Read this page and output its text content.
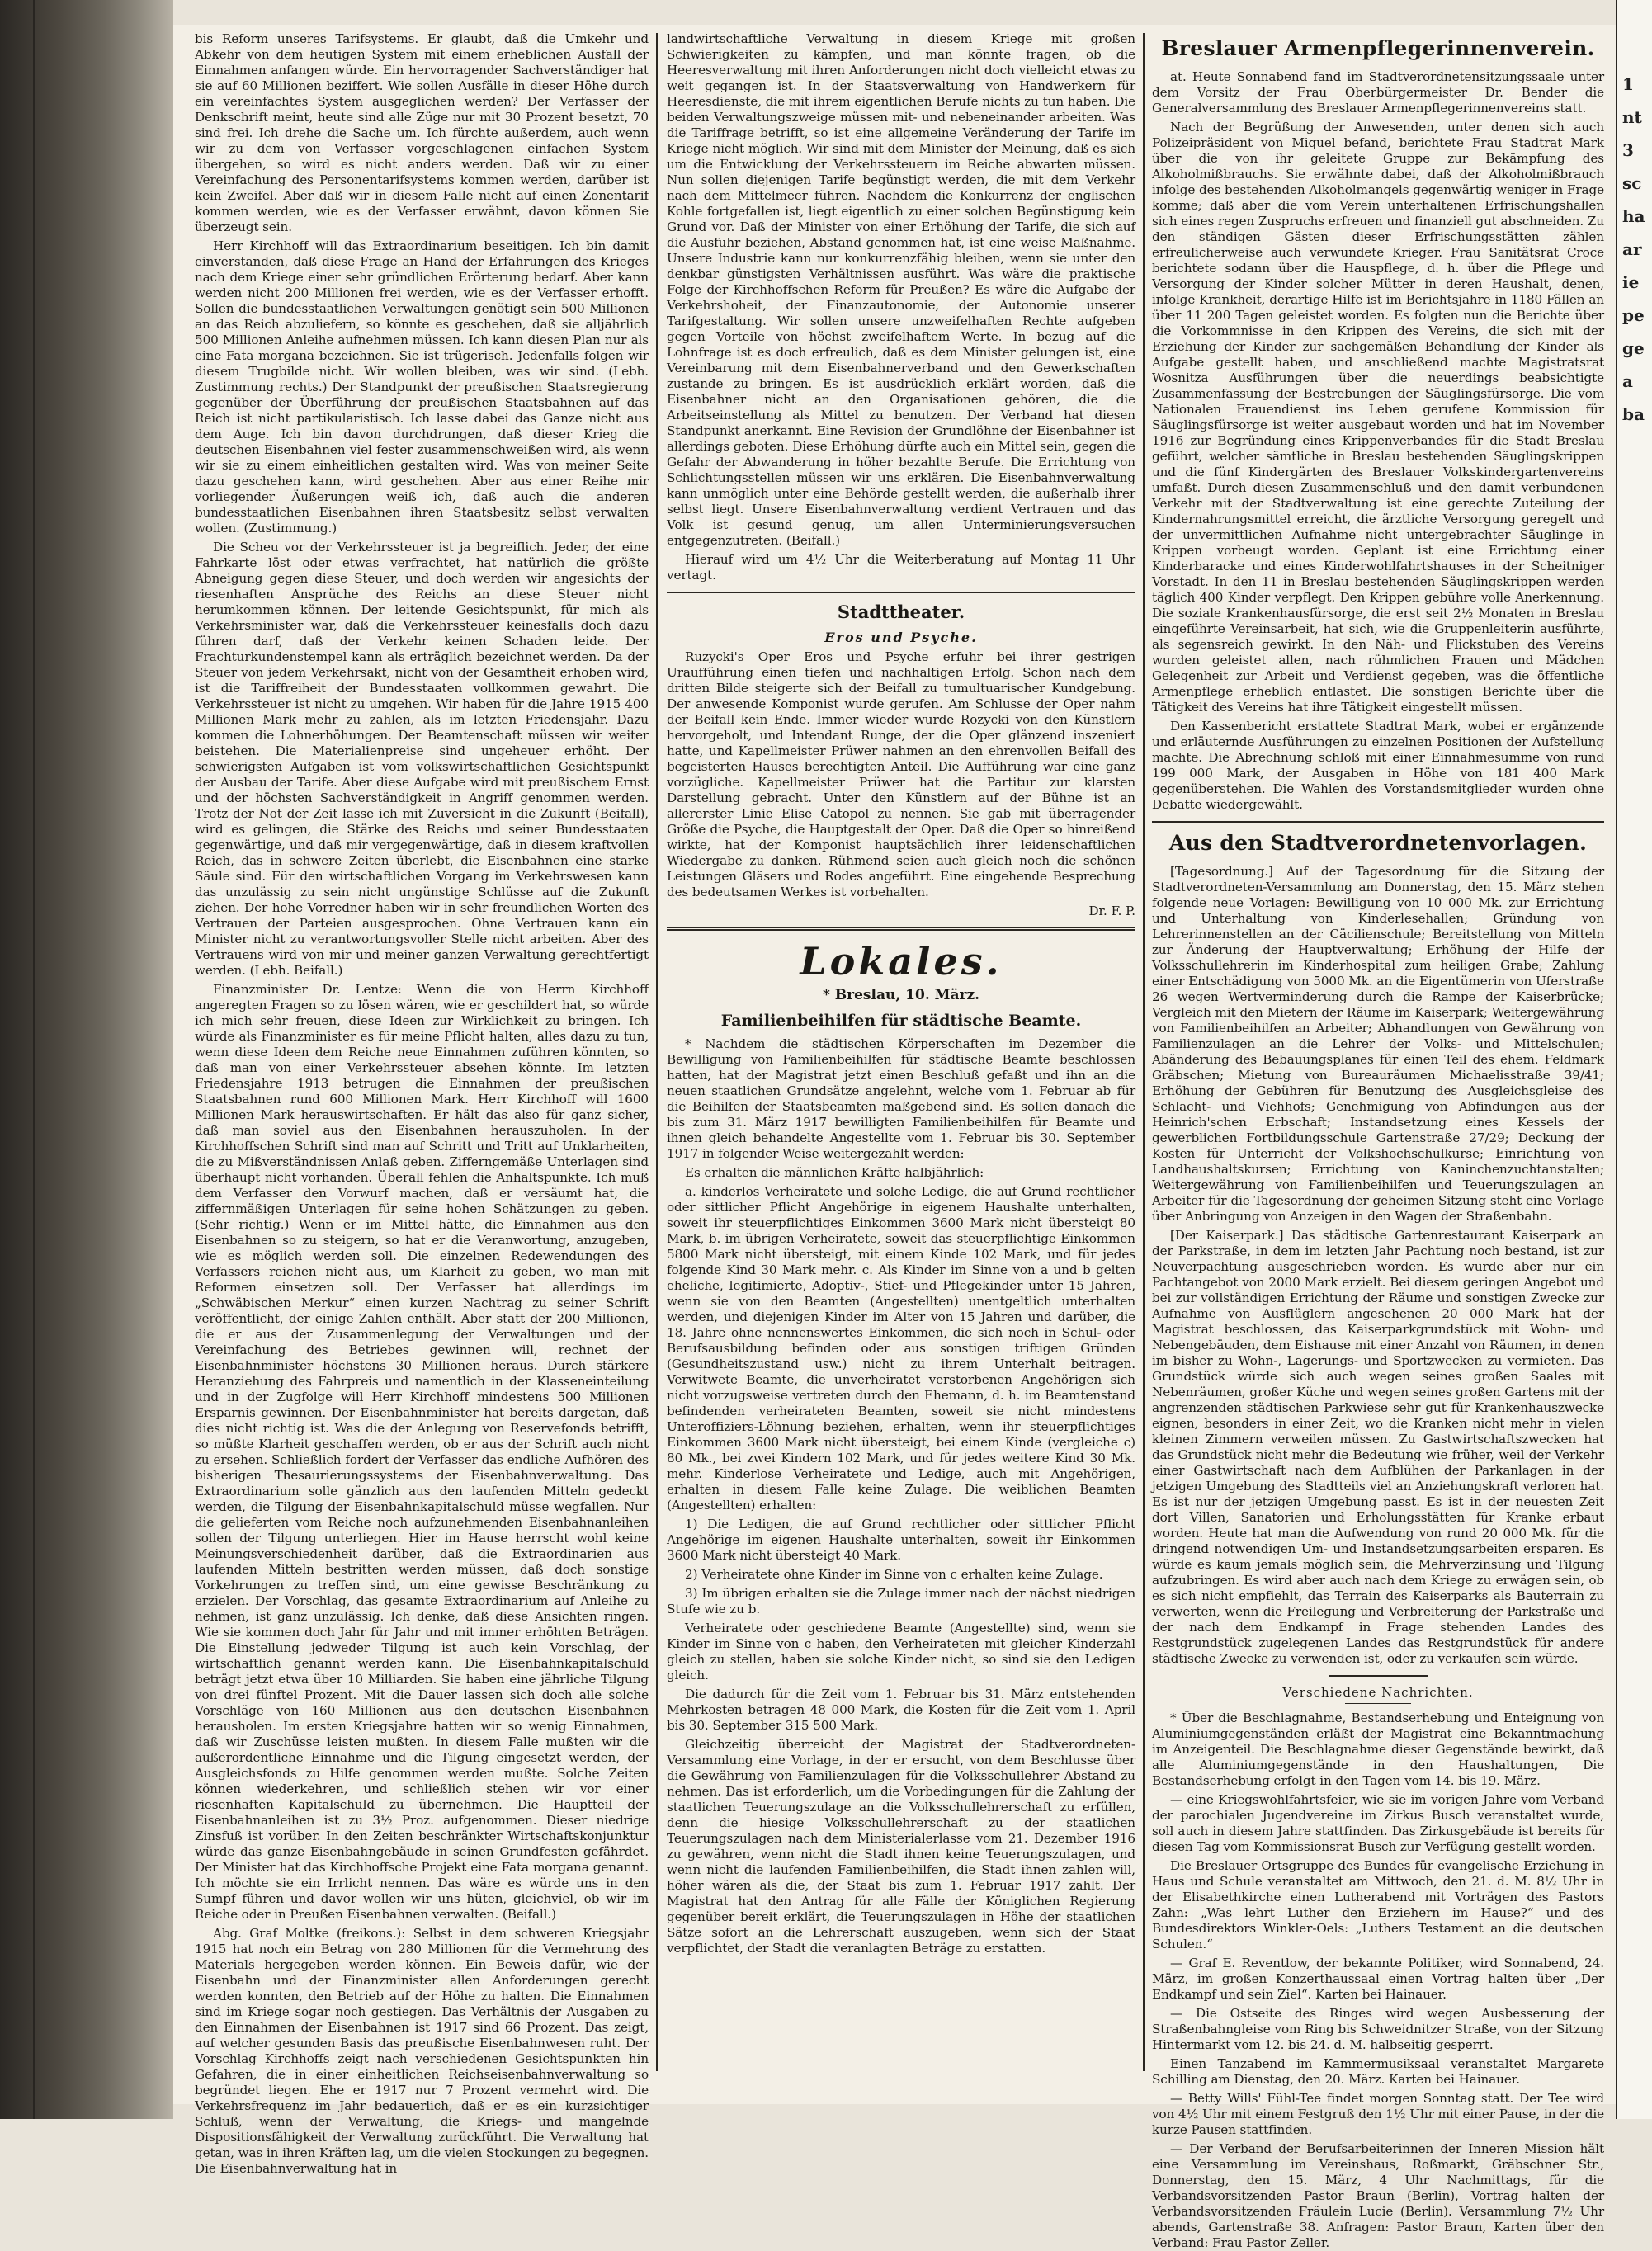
1
nt
3
sc
ha
ar
ie
pe
ge
a
ba

bis Reform unseres Tarifsystems. Er glaubt, daß die Umkehr und Abkehr von dem heutigen System mit einem erheblichen Ausfall der Einnahmen anfangen würde. Ein hervorragender Sachverständiger hat sie auf 60 Millionen beziffert. Wie sollen Ausfälle in dieser Höhe durch ein vereinfachtes System ausgeglichen werden? Der Verfasser der Denkschrift meint, heute sind alle Züge nur mit 30 Prozent besetzt, 70 sind frei. Ich drehe die Sache um. Ich fürchte außerdem, auch wenn wir zu dem von Verfasser vorgeschlagenen einfachen System übergehen, so wird es nicht anders werden. Daß wir zu einer Vereinfachung des Personentarifsystems kommen werden, darüber ist kein Zweifel. Aber daß wir in diesem Falle nicht auf einen Zonentarif kommen werden, wie es der Verfasser erwähnt, davon können Sie überzeugt sein.

Herr Kirchhoff will das Extraordinarium beseitigen. Ich bin damit einverstanden, daß diese Frage an Hand der Erfahrungen des Krieges nach dem Kriege einer sehr gründlichen Erörterung bedarf. Aber kann werden nicht 200 Millionen frei werden, wie es der Verfasser erhofft. Sollen die bundesstaatlichen Verwaltungen genötigt sein 500 Millionen an das Reich abzuliefern, so könnte es geschehen, daß sie alljährlich 500 Millionen Anleihe aufnehmen müssen. Ich kann diesen Plan nur als eine Fata morgana bezeichnen. Sie ist trügerisch. Jedenfalls folgen wir diesem Trugbilde nicht. Wir wollen bleiben, was wir sind. (Lebh. Zustimmung rechts.) Der Standpunkt der preußischen Staatsregierung gegenüber der Überführung der preußischen Staatsbahnen auf das Reich ist nicht partikularistisch. Ich lasse dabei das Ganze nicht aus dem Auge. Ich bin davon durchdrungen, daß dieser Krieg die deutschen Eisenbahnen viel fester zusammenschweißen wird, als wenn wir sie zu einem einheitlichen gestalten wird. Was von meiner Seite dazu geschehen kann, wird geschehen. Aber aus einer Reihe mir vorliegender Äußerungen weiß ich, daß auch die anderen bundesstaatlichen Eisenbahnen ihren Staatsbesitz selbst verwalten wollen. (Zustimmung.)

Die Scheu vor der Verkehrssteuer ist ja begreiflich. Jeder, der eine Fahrkarte löst oder etwas verfrachtet, hat natürlich die größte Abneigung gegen diese Steuer, und doch werden wir angesichts der riesenhaften Ansprüche des Reichs an diese Steuer nicht herumkommen können. Der leitende Gesichtspunkt, für mich als Verkehrsminister war, daß die Verkehrssteuer keinesfalls doch dazu führen darf, daß der Verkehr keinen Schaden leide. Der Frachturkundenstempel kann als erträglich bezeichnet werden. Da der Steuer von jedem Verkehrsakt, nicht von der Gesamtheit erhoben wird, ist die Tariffreiheit der Bundesstaaten vollkommen gewahrt. Die Verkehrssteuer ist nicht zu umgehen. Wir haben für die Jahre 1915 400 Millionen Mark mehr zu zahlen, als im letzten Friedensjahr. Dazu kommen die Lohnerhöhungen. Der Beamtenschaft müssen wir weiter beistehen. Die Materialienpreise sind ungeheuer erhöht. Der schwierigsten Aufgaben ist vom volkswirtschaftlichen Gesichtspunkt der Ausbau der Tarife. Aber diese Aufgabe wird mit preußischem Ernst und der höchsten Sachverständigkeit in Angriff genommen werden. Trotz der Not der Zeit lasse ich mit Zuversicht in die Zukunft (Beifall), wird es gelingen, die Stärke des Reichs und seiner Bundesstaaten gegenwärtige, und daß mir vergegenwärtige, daß in diesem kraftvollen Reich, das in schwere Zeiten überlebt, die Eisenbahnen eine starke Säule sind. Für den wirtschaftlichen Vorgang im Verkehrswesen kann das unzulässig zu sein nicht ungünstige Schlüsse auf die Zukunft ziehen. Der hohe Vorredner haben wir in sehr freundlichen Worten des Vertrauen der Parteien ausgesprochen. Ohne Vertrauen kann ein Minister nicht zu verantwortungsvoller Stelle nicht arbeiten. Aber des Vertrauens wird von mir und meiner ganzen Verwaltung gerechtfertigt werden. (Lebh. Beifall.)

Finanzminister Dr. Lentze: Wenn die von Herrn Kirchhoff angeregten Fragen so zu lösen wären, wie er geschildert hat, so würde ich mich sehr freuen, diese Ideen zur Wirklichkeit zu bringen. Ich würde als Finanzminister es für meine Pflicht halten, alles dazu zu tun, wenn diese Ideen dem Reiche neue Einnahmen zuführen könnten, so daß man von einer Verkehrssteuer absehen könnte. Im letzten Friedensjahre 1913 betrugen die Einnahmen der preußischen Staatsbahnen rund 600 Millionen Mark. Herr Kirchhoff will 1600 Millionen Mark herauswirtschaften. Er hält das also für ganz sicher, daß man soviel aus den Eisenbahnen herauszuholen. In der Kirchhoffschen Schrift sind man auf Schritt und Tritt auf Unklarheiten, die zu Mißverständnissen Anlaß geben. Zifferngemäße Unterlagen sind überhaupt nicht vorhanden. Überall fehlen die Anhaltspunkte. Ich muß dem Verfasser den Vorwurf machen, daß er versäumt hat, die ziffernmäßigen Unterlagen für seine hohen Schätzungen zu geben. (Sehr richtig.) Wenn er im Mittel hätte, die Einnahmen aus den Eisenbahnen so zu steigern, so hat er die Veranwortung, anzugeben, wie es möglich werden soll. Die einzelnen Redewendungen des Verfassers reichen nicht aus, um Klarheit zu geben, wo man mit Reformen einsetzen soll. Der Verfasser hat allerdings im „Schwäbischen Merkur“ einen kurzen Nachtrag zu seiner Schrift veröffentlicht, der einige Zahlen enthält. Aber statt der 200 Millionen, die er aus der Zusammenlegung der Verwaltungen und der Vereinfachung des Betriebes gewinnen will, rechnet der Eisenbahnminister höchstens 30 Millionen heraus. Durch stärkere Heranziehung des Fahrpreis und namentlich in der Klasseneinteilung und in der Zugfolge will Herr Kirchhoff mindestens 500 Millionen Ersparnis gewinnen. Der Eisenbahnminister hat bereits dargetan, daß dies nicht richtig ist. Was die der Anlegung von Reservefonds betrifft, so müßte Klarheit geschaffen werden, ob er aus der Schrift auch nicht zu ersehen. Schließlich fordert der Verfasser das endliche Aufhören des bisherigen Thesaurierungssystems der Eisenbahnverwaltung. Das Extraordinarium solle gänzlich aus den laufenden Mitteln gedeckt werden, die Tilgung der Eisenbahnkapitalschuld müsse wegfallen. Nur die gelieferten vom Reiche noch aufzunehmenden Eisenbahnanleihen sollen der Tilgung unterliegen. Hier im Hause herrscht wohl keine Meinungsverschiedenheit darüber, daß die Extraordinarien aus laufenden Mitteln bestritten werden müssen, daß doch sonstige Vorkehrungen zu treffen sind, um eine gewisse Beschränkung zu erzielen. Der Vorschlag, das gesamte Extraordinarium auf Anleihe zu nehmen, ist ganz unzulässig. Ich denke, daß diese Ansichten ringen. Wie sie kommen doch Jahr für Jahr und mit immer erhöhten Beträgen. Die Einstellung jedweder Tilgung ist auch kein Vorschlag, der wirtschaftlich genannt werden kann. Die Eisenbahnkapitalschuld beträgt jetzt etwa über 10 Milliarden. Sie haben eine jährliche Tilgung von drei fünftel Prozent. Mit die Dauer lassen sich doch alle solche Vorschläge von 160 Millionen aus den deutschen Eisenbahnen herausholen. Im ersten Kriegsjahre hatten wir so wenig Einnahmen, daß wir Zuschüsse leisten mußten. In diesem Falle mußten wir die außerordentliche Einnahme und die Tilgung eingesetzt werden, der Ausgleichsfonds zu Hilfe genommen werden mußte. Solche Zeiten können wiederkehren, und schließlich stehen wir vor einer riesenhaften Kapitalschuld zu übernehmen. Die Hauptteil der Eisenbahnanleihen ist zu 3½ Proz. aufgenommen. Dieser niedrige Zinsfuß ist vorüber. In den Zeiten beschränkter Wirtschaftskonjunktur würde das ganze Eisenbahngebäude in seinen Grundfesten gefährdet. Der Minister hat das Kirchhoffsche Projekt eine Fata morgana genannt. Ich möchte sie ein Irrlicht nennen. Das wäre es würde uns in den Sumpf führen und davor wollen wir uns hüten, gleichviel, ob wir im Reiche oder in Preußen Eisenbahnen verwalten. (Beifall.)

Abg. Graf Moltke (freikons.): Selbst in dem schweren Kriegsjahr 1915 hat noch ein Betrag von 280 Millionen für die Vermehrung des Materials hergegeben werden können. Ein Beweis dafür, wie der Eisenbahn und der Finanzminister allen Anforderungen gerecht werden konnten, den Betrieb auf der Höhe zu halten. Die Einnahmen sind im Kriege sogar noch gestiegen. Das Verhältnis der Ausgaben zu den Einnahmen der Eisenbahnen ist 1917 sind 66 Prozent. Das zeigt, auf welcher gesunden Basis das preußische Eisenbahnwesen ruht. Der Vorschlag Kirchhoffs zeigt nach verschiedenen Gesichtspunkten hin Gefahren, die in einer einheitlichen Reichseisenbahnverwaltung so begründet liegen. Ehe er 1917 nur 7 Prozent vermehrt wird. Die Verkehrsfrequenz im Jahr bedauerlich, daß er es ein kurzsichtiger Schluß, wenn der Verwaltung, die Kriegs- und mangelnde Dispositionsfähigkeit der Verwaltung zurückführt. Die Verwaltung hat getan, was in ihren Kräften lag, um die vielen Stockungen zu begegnen. Die Eisenbahnverwaltung hat in

landwirtschaftliche Verwaltung in diesem Kriege mit großen Schwierigkeiten zu kämpfen, und man könnte fragen, ob die Heeresverwaltung mit ihren Anforderungen nicht doch vielleicht etwas zu weit gegangen ist. In der Staatsverwaltung von Handwerkern für Heeresdienste, die mit ihrem eigentlichen Berufe nichts zu tun haben. Die beiden Verwaltungszweige müssen mit- und nebeneinander arbeiten. Was die Tariffrage betrifft, so ist eine allgemeine Veränderung der Tarife im Kriege nicht möglich. Wir sind mit dem Minister der Meinung, daß es sich um die Entwicklung der Verkehrssteuern im Reiche abwarten müssen. Nun sollen diejenigen Tarife begünstigt werden, die mit dem Verkehr nach dem Mittelmeer führen. Nachdem die Konkurrenz der englischen Kohle fortgefallen ist, liegt eigentlich zu einer solchen Begünstigung kein Grund vor. Daß der Minister von einer Erhöhung der Tarife, die sich auf die Ausfuhr beziehen, Abstand genommen hat, ist eine weise Maßnahme. Unsere Industrie kann nur konkurrenzfähig bleiben, wenn sie unter den denkbar günstigsten Verhältnissen ausführt. Was wäre die praktische Folge der Kirchhoffschen Reform für Preußen? Es wäre die Aufgabe der Verkehrshoheit, der Finanzautonomie, der Autonomie unserer Tarifgestaltung. Wir sollen unsere unzweifelhaften Rechte aufgeben gegen Vorteile von höchst zweifelhaftem Werte. In bezug auf die Lohnfrage ist es doch erfreulich, daß es dem Minister gelungen ist, eine Vereinbarung mit dem Eisenbahnerverband und den Gewerkschaften zustande zu bringen. Es ist ausdrücklich erklärt worden, daß die Eisenbahner nicht an den Organisationen gehören, die die Arbeitseinstellung als Mittel zu benutzen. Der Verband hat diesen Standpunkt anerkannt. Eine Revision der Grundlöhne der Eisenbahner ist allerdings geboten. Diese Erhöhung dürfte auch ein Mittel sein, gegen die Gefahr der Abwanderung in höher bezahlte Berufe. Die Errichtung von Schlichtungsstellen müssen wir uns erklären. Die Eisenbahnverwaltung kann unmöglich unter eine Behörde gestellt werden, die außerhalb ihrer selbst liegt. Unsere Eisenbahnverwaltung verdient Vertrauen und das Volk ist gesund genug, um allen Unterminierungsversuchen entgegenzutreten. (Beifall.)

Hierauf wird um 4½ Uhr die Weiterberatung auf Montag 11 Uhr vertagt.

Stadttheater.
Eros und Psyche.

Ruzycki's Oper Eros und Psyche erfuhr bei ihrer gestrigen Uraufführung einen tiefen und nachhaltigen Erfolg. Schon nach dem dritten Bilde steigerte sich der Beifall zu tumultuarischer Kundgebung. Der anwesende Komponist wurde gerufen. Am Schlusse der Oper nahm der Beifall kein Ende. Immer wieder wurde Rozycki von den Künstlern hervorgeholt, und Intendant Runge, der die Oper glänzend inszeniert hatte, und Kapellmeister Prüwer nahmen an den ehrenvollen Beifall des begeisterten Hauses berechtigten Anteil. Die Aufführung war eine ganz vorzügliche. Kapellmeister Prüwer hat die Partitur zur klarsten Darstellung gebracht. Unter den Künstlern auf der Bühne ist an allererster Linie Elise Catopol zu nennen. Sie gab mit überragender Größe die Psyche, die Hauptgestalt der Oper. Daß die Oper so hinreißend wirkte, hat der Komponist hauptsächlich ihrer leidenschaftlichen Wiedergabe zu danken. Rühmend seien auch gleich noch die schönen Leistungen Gläsers und Rodes angeführt. Eine eingehende Besprechung des bedeutsamen Werkes ist vorbehalten.

Dr. F. P.
Lokales.
* Breslau, 10. März.
Familienbeihilfen für städtische Beamte.

* Nachdem die städtischen Körperschaften im Dezember die Bewilligung von Familienbeihilfen für städtische Beamte beschlossen hatten, hat der Magistrat jetzt einen Beschluß gefaßt und ihn an die neuen staatlichen Grundsätze angelehnt, welche vom 1. Februar ab für die Beihilfen der Staatsbeamten maßgebend sind. Es sollen danach die bis zum 31. März 1917 bewilligten Familienbeihilfen für Beamte und ihnen gleich behandelte Angestellte vom 1. Februar bis 30. September 1917 in folgender Weise weitergezahlt werden:

Es erhalten die männlichen Kräfte halbjährlich:

a. kinderlos Verheiratete und solche Ledige, die auf Grund rechtlicher oder sittlicher Pflicht Angehörige in eigenem Haushalte unterhalten, soweit ihr steuerpflichtiges Einkommen 3600 Mark nicht übersteigt 80 Mark, b. im übrigen Verheiratete, soweit das steuerpflichtige Einkommen 5800 Mark nicht übersteigt, mit einem Kinde 102 Mark, und für jedes folgende Kind 30 Mark mehr. c. Als Kinder im Sinne von a und b gelten eheliche, legitimierte, Adoptiv-, Stief- und Pflegekinder unter 15 Jahren, wenn sie von den Beamten (Angestellten) unentgeltlich unterhalten werden, und diejenigen Kinder im Alter von 15 Jahren und darüber, die 18. Jahre ohne nennenswertes Einkommen, die sich noch in Schul- oder Berufsausbildung befinden oder aus sonstigen triftigen Gründen (Gesundheitszustand usw.) nicht zu ihrem Unterhalt beitragen. Verwitwete Beamte, die unverheiratet verstorbenen Angehörigen sich nicht vorzugsweise vertreten durch den Ehemann, d. h. im Beamtenstand befindenden verheirateten Beamten, soweit sie nicht mindestens Unteroffiziers-Löhnung beziehen, erhalten, wenn ihr steuerpflichtiges Einkommen 3600 Mark nicht übersteigt, bei einem Kinde (vergleiche c) 80 Mk., bei zwei Kindern 102 Mark, und für jedes weitere Kind 30 Mk. mehr. Kinderlose Verheiratete und Ledige, auch mit Angehörigen, erhalten in diesem Falle keine Zulage. Die weiblichen Beamten (Angestellten) erhalten:

1) Die Ledigen, die auf Grund rechtlicher oder sittlicher Pflicht Angehörige im eigenen Haushalte unterhalten, soweit ihr Einkommen 3600 Mark nicht übersteigt 40 Mark.

2) Verheiratete ohne Kinder im Sinne von c erhalten keine Zulage.

3) Im übrigen erhalten sie die Zulage immer nach der nächst niedrigen Stufe wie zu b.

Verheiratete oder geschiedene Beamte (Angestellte) sind, wenn sie Kinder im Sinne von c haben, den Verheirateten mit gleicher Kinderzahl gleich zu stellen, haben sie solche Kinder nicht, so sind sie den Ledigen gleich.

Die dadurch für die Zeit vom 1. Februar bis 31. März entstehenden Mehrkosten betragen 48 000 Mark, die Kosten für die Zeit vom 1. April bis 30. September 315 500 Mark.

Gleichzeitig überreicht der Magistrat der Stadtverordneten-Versammlung eine Vorlage, in der er ersucht, von dem Beschlusse über die Gewährung von Familienzulagen für die Volksschullehrer Abstand zu nehmen. Das ist erforderlich, um die Vorbedingungen für die Zahlung der staatlichen Teuerungszulage an die Volksschullehrerschaft zu erfüllen, denn die hiesige Volksschullehrerschaft zu der staatlichen Teuerungszulagen nach dem Ministerialerlasse vom 21. Dezember 1916 zu gewähren, wenn nicht die Stadt ihnen keine Teuerungszulagen, und wenn nicht die laufenden Familienbeihilfen, die Stadt ihnen zahlen will, höher wären als die, der Staat bis zum 1. Februar 1917 zahlt. Der Magistrat hat den Antrag für alle Fälle der Königlichen Regierung gegenüber bereit erklärt, die Teuerungszulagen in Höhe der staatlichen Sätze sofort an die Lehrerschaft auszugeben, wenn sich der Staat verpflichtet, der Stadt die veranlagten Beträge zu erstatten.

Breslauer Armenpflegerinnenverein.

at. Heute Sonnabend fand im Stadtverordnetensitzungssaale unter dem Vorsitz der Frau Oberbürgermeister Dr. Bender die Generalversammlung des Breslauer Armenpflegerinnenvereins statt.

Nach der Begrüßung der Anwesenden, unter denen sich auch Polizeipräsident von Miquel befand, berichtete Frau Stadtrat Mark über die von ihr geleitete Gruppe zur Bekämpfung des Alkoholmißbrauchs. Sie erwähnte dabei, daß der Alkoholmißbrauch infolge des bestehenden Alkoholmangels gegenwärtig weniger in Frage komme; daß aber die vom Verein unterhaltenen Erfrischungshallen sich eines regen Zuspruchs erfreuen und finanziell gut abschneiden. Zu den ständigen Gästen dieser Erfrischungsstätten zählen erfreulicherweise auch verwundete Krieger. Frau Sanitätsrat Croce berichtete sodann über die Hauspflege, d. h. über die Pflege und Versorgung der Kinder solcher Mütter in deren Haushalt, denen, infolge Krankheit, derartige Hilfe ist im Berichtsjahre in 1180 Fällen an über 11 200 Tagen geleistet worden. Es folgten nun die Berichte über die Vorkommnisse in den Krippen des Vereins, die sich mit der Erziehung der Kinder zur sachgemäßen Behandlung der Kinder als Aufgabe gestellt haben, und anschließend machte Magistratsrat Wosnitza Ausführungen über die neuerdings beabsichtigte Zusammenfassung der Bestrebungen der Säuglingsfürsorge. Die vom Nationalen Frauendienst ins Leben gerufene Kommission für Säuglingsfürsorge ist weiter ausgebaut worden und hat im November 1916 zur Begründung eines Krippenverbandes für die Stadt Breslau geführt, welcher sämtliche in Breslau bestehenden Säuglingskrippen und die fünf Kindergärten des Breslauer Volkskindergartenvereins umfaßt. Durch diesen Zusammenschluß und den damit verbundenen Verkehr mit der Stadtverwaltung ist eine gerechte Zuteilung der Kindernahrungsmittel erreicht, die ärztliche Versorgung geregelt und der unvermittlichen Aufnahme nicht untergebrachter Säuglinge in Krippen vorbeugt worden. Geplant ist eine Errichtung einer Kinderbaracke und eines Kinderwohlfahrtshauses in der Scheitniger Vorstadt. In den 11 in Breslau bestehenden Säuglingskrippen werden täglich 400 Kinder verpflegt. Den Krippen gebühre volle Anerkennung. Die soziale Krankenhausfürsorge, die erst seit 2½ Monaten in Breslau eingeführte Vereinsarbeit, hat sich, wie die Gruppenleiterin ausführte, als segensreich gewirkt. In den Näh- und Flickstuben des Vereins wurden geleistet allen, nach rühmlichen Frauen und Mädchen Gelegenheit zur Arbeit und Verdienst gegeben, was die öffentliche Armenpflege erheblich entlastet. Die sonstigen Berichte über die Tätigkeit des Vereins hat ihre Tätigkeit eingestellt müssen.

Den Kassenbericht erstattete Stadtrat Mark, wobei er ergänzende und erläuternde Ausführungen zu einzelnen Positionen der Aufstellung machte. Die Abrechnung schloß mit einer Einnahmesumme von rund 199 000 Mark, der Ausgaben in Höhe von 181 400 Mark gegenüberstehen. Die Wahlen des Vorstandsmitglieder wurden ohne Debatte wiedergewählt.

Aus den Stadtverordnetenvorlagen.

[Tagesordnung.] Auf der Tagesordnung für die Sitzung der Stadtverordneten-Versammlung am Donnerstag, den 15. März stehen folgende neue Vorlagen: Bewilligung von 10 000 Mk. zur Errichtung und Unterhaltung von Kinderlesehallen; Gründung von Lehrerinnenstellen an der Cäcilienschule; Bereitstellung von Mitteln zur Änderung der Hauptverwaltung; Erhöhung der Hilfe der Volksschullehrerin im Kinderhospital zum heiligen Grabe; Zahlung einer Entschädigung von 5000 Mk. an die Eigentümerin von Uferstraße 26 wegen Wertverminderung durch die Rampe der Kaiserbrücke; Vergleich mit den Mietern der Räume im Kaiserpark; Weitergewährung von Familienbeihilfen an Arbeiter; Abhandlungen von Gewährung von Familienzulagen an die Lehrer der Volks- und Mittelschulen; Abänderung des Bebauungsplanes für einen Teil des ehem. Feldmark Gräbschen; Mietung von Bureauräumen Michaelisstraße 39/41; Erhöhung der Gebühren für Benutzung des Ausgleichsgleise des Schlacht- und Viehhofs; Genehmigung von Abfindungen aus der Heinrich'schen Erbschaft; Instandsetzung eines Kessels der gewerblichen Fortbildungsschule Gartenstraße 27/29; Deckung der Kosten für Unterricht der Volkshochschulkurse; Einrichtung von Landhaushaltskursen; Errichtung von Kaninchenzuchtanstalten; Weitergewährung von Familienbeihilfen und Teuerungszulagen an Arbeiter für die Tagesordnung der geheimen Sitzung steht eine Vorlage über Anbringung von Anzeigen in den Wagen der Straßenbahn.

[Der Kaiserpark.] Das städtische Gartenrestaurant Kaiserpark an der Parkstraße, in dem im letzten Jahr Pachtung noch bestand, ist zur Neuverpachtung ausgeschrieben worden. Es wurde aber nur ein Pachtangebot von 2000 Mark erzielt. Bei diesem geringen Angebot und bei zur vollständigen Errichtung der Räume und sonstigen Zwecke zur Aufnahme von Ausflüglern angesehenen 20 000 Mark hat der Magistrat beschlossen, das Kaiserparkgrundstück mit Wohn- und Nebengebäuden, dem Eishause mit einer Anzahl von Räumen, in denen im bisher zu Wohn-, Lagerungs- und Sportzwecken zu vermieten. Das Grundstück würde sich auch wegen seines großen Saales mit Nebenräumen, großer Küche und wegen seines großen Gartens mit der angrenzenden städtischen Parkwiese sehr gut für Krankenhauszwecke eignen, besonders in einer Zeit, wo die Kranken nicht mehr in vielen kleinen Zimmern verweilen müssen. Zu Gastwirtschaftszwecken hat das Grundstück nicht mehr die Bedeutung wie früher, weil der Verkehr einer Gastwirtschaft nach dem Aufblühen der Parkanlagen in der jetzigen Umgebung des Stadtteils viel an Anziehungskraft verloren hat. Es ist nur der jetzigen Umgebung passt. Es ist in der neuesten Zeit dort Villen, Sanatorien und Erholungsstätten für Kranke erbaut worden. Heute hat man die Aufwendung von rund 20 000 Mk. für die dringend notwendigen Um- und Instandsetzungsarbeiten ersparen. Es würde es kaum jemals möglich sein, die Mehrverzinsung und Tilgung aufzubringen. Es wird aber auch nach dem Kriege zu erwägen sein, ob es sich nicht empfiehlt, das Terrain des Kaiserparks als Bauterrain zu verwerten, wenn die Freilegung und Verbreiterung der Parkstraße und der nach dem Endkampf in Frage stehenden Landes des Restgrundstück zugelegenen Landes das Restgrundstück für andere städtische Zwecke zu verwenden ist, oder zu verkaufen sein würde.

Verschiedene Nachrichten.

* Über die Beschlagnahme, Bestandserhebung und Enteignung von Aluminiumgegenständen erläßt der Magistrat eine Bekanntmachung im Anzeigenteil. Die Beschlagnahme dieser Gegenstände bewirkt, daß alle Aluminiumgegenstände in den Haushaltungen, Die Bestandserhebung erfolgt in den Tagen vom 14. bis 19. März.

— eine Kriegswohlfahrtsfeier, wie sie im vorigen Jahre vom Verband der parochialen Jugendvereine im Zirkus Busch veranstaltet wurde, soll auch in diesem Jahre stattfinden. Das Zirkusgebäude ist bereits für diesen Tag vom Kommissionsrat Busch zur Verfügung gestellt worden.

Die Breslauer Ortsgruppe des Bundes für evangelische Erziehung in Haus und Schule veranstaltet am Mittwoch, den 21. d. M. 8½ Uhr in der Elisabethkirche einen Lutherabend mit Vorträgen des Pastors Zahn: „Was lehrt Luther den Erziehern im Hause?“ und des Bundesdirektors Winkler-Oels: „Luthers Testament an die deutschen Schulen.“

— Graf E. Reventlow, der bekannte Politiker, wird Sonnabend, 24. März, im großen Konzerthaussaal einen Vortrag halten über „Der Endkampf und sein Ziel“. Karten bei Hainauer.

— Die Ostseite des Ringes wird wegen Ausbesserung der Straßenbahngleise vom Ring bis Schweidnitzer Straße, von der Sitzung Hintermarkt vom 12. bis 24. d. M. halbseitig gesperrt.

Einen Tanzabend im Kammermusiksaal veranstaltet Margarete Schilling am Dienstag, den 20. März. Karten bei Hainauer.

— Betty Wills' Fühl-Tee findet morgen Sonntag statt. Der Tee wird von 4½ Uhr mit einem Festgruß den 1½ Uhr mit einer Pause, in der die kurze Pausen stattfinden.

— Der Verband der Berufsarbeiterinnen der Inneren Mission hält eine Versammlung im Vereinshaus, Roßmarkt, Gräbschner Str., Donnerstag, den 15. März, 4 Uhr Nachmittags, für die Verbandsvorsitzenden Pastor Braun (Berlin), Vortrag halten der Verbandsvorsitzenden Fräulein Lucie (Berlin). Versammlung 7½ Uhr abends, Gartenstraße 38. Anfragen: Pastor Braun, Karten über den Verband: Frau Pastor Zeller.
